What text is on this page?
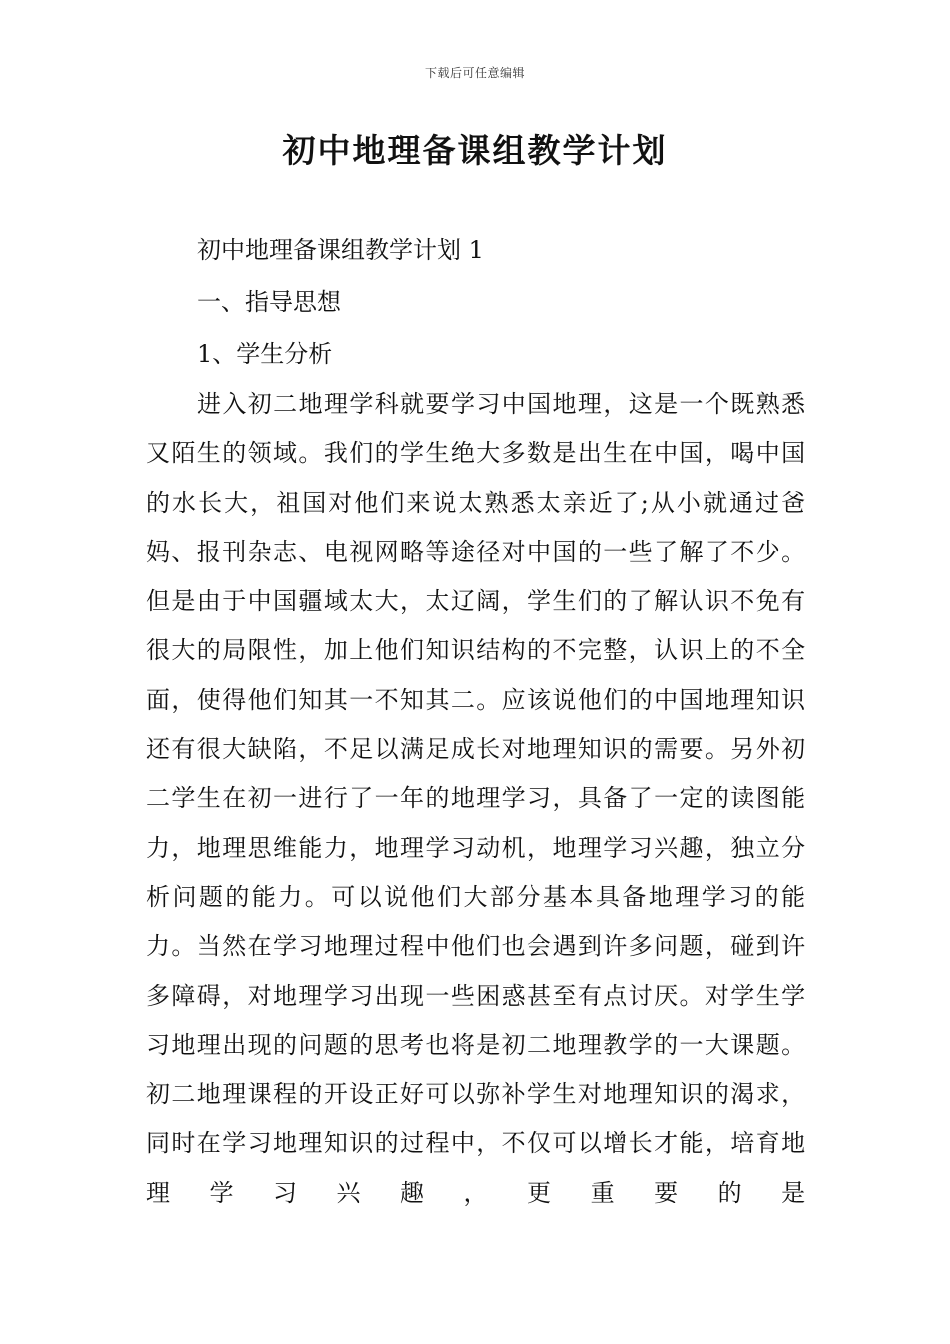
下载后可任意编辑
初中地理备课组教学计划

初中地理备课组教学计划 1

一、指导思想

1、学生分析

进入初二地理学科就要学习中国地理，这是一个既熟悉又陌生的领域。我们的学生绝大多数是出生在中国，喝中国的水长大，祖国对他们来说太熟悉太亲近了;从小就通过爸妈、报刊杂志、电视网略等途径对中国的一些了解了不少。但是由于中国疆域太大，太辽阔，学生们的了解认识不免有很大的局限性，加上他们知识结构的不完整，认识上的不全面，使得他们知其一不知其二。应该说他们的中国地理知识还有很大缺陷，不足以满足成长对地理知识的需要。另外初二学生在初一进行了一年的地理学习，具备了一定的读图能力，地理思维能力，地理学习动机，地理学习兴趣，独立分析问题的能力。可以说他们大部分基本具备地理学习的能力。当然在学习地理过程中他们也会遇到许多问题，碰到许多障碍，对地理学习出现一些困惑甚至有点讨厌。对学生学习地理出现的问题的思考也将是初二地理教学的一大课题。初二地理课程的开设正好可以弥补学生对地理知识的渴求，同时在学习地理知识的过程中，不仅可以增长才能，培育地理学习兴趣，更重要的是
